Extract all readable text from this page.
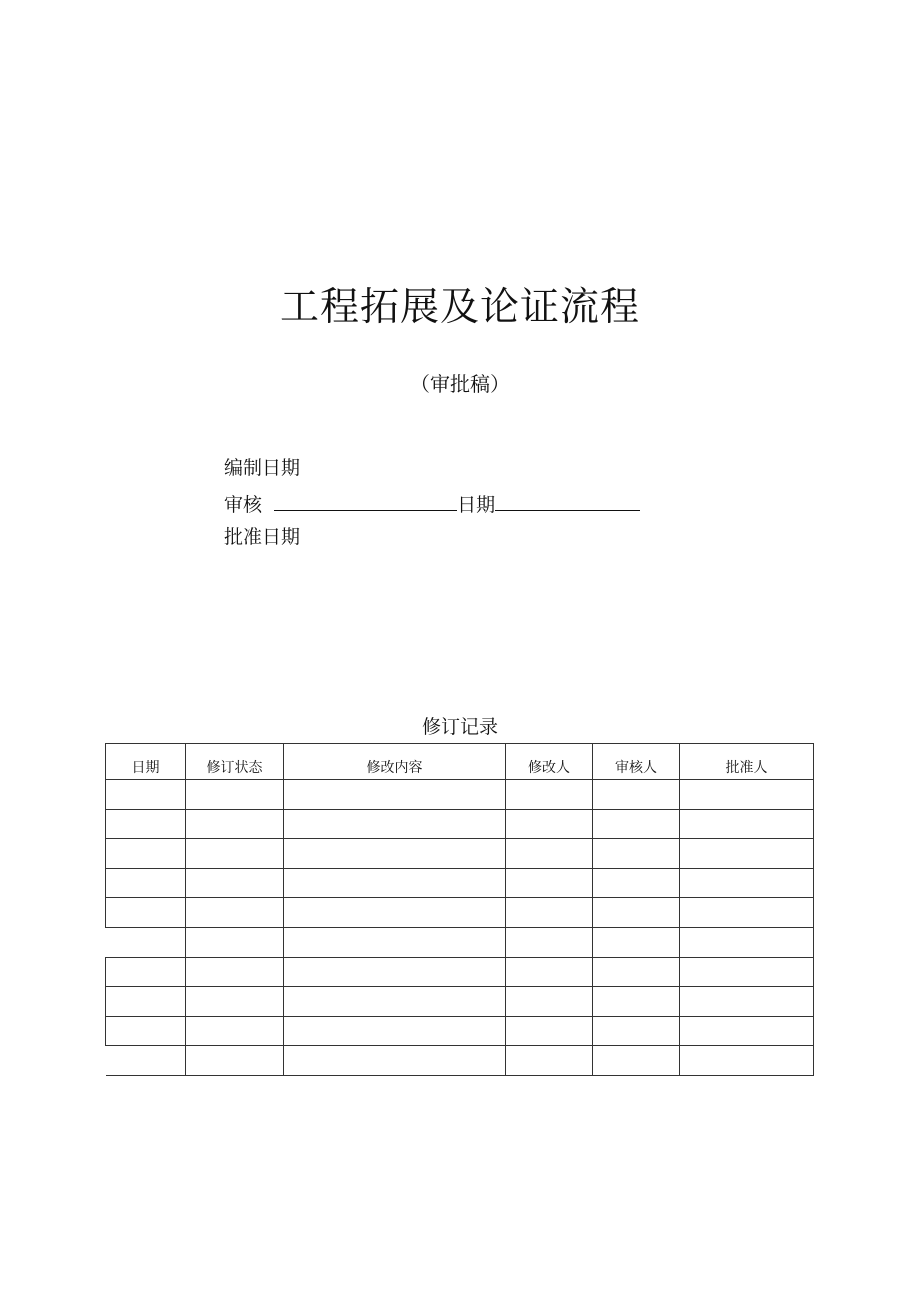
工程拓展及论证流程
（审批稿）
编制日期
审核	日期
批准日期
修订记录
日期	修订状态	修改内容	修改人	审核人	批准人
